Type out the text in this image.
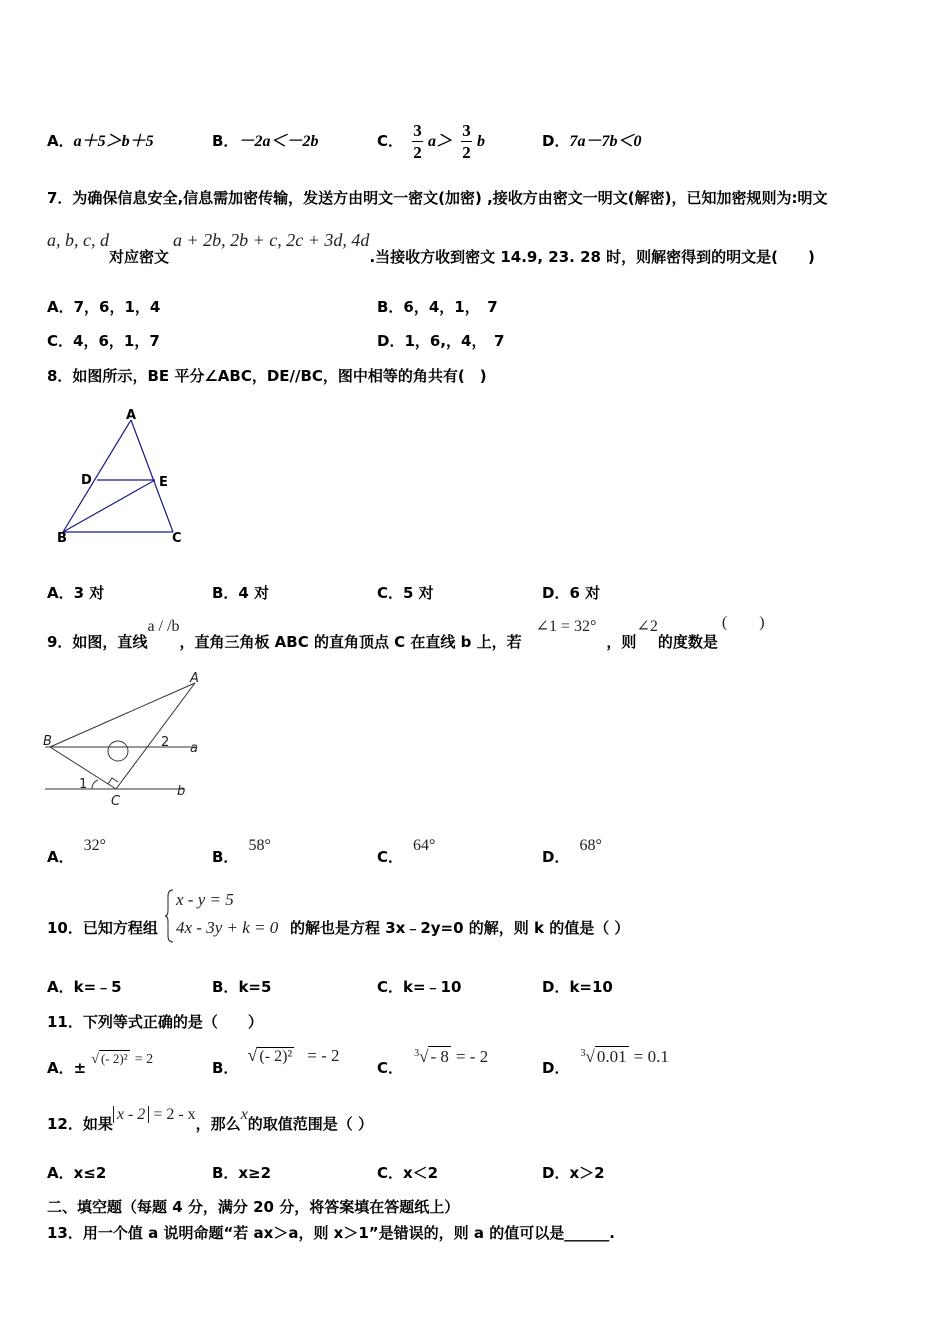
A．a＋5＞b＋5	B．－2a＜－2b	C． $\frac{3}{2} a> \frac{3}{2}$ b	D．7a－7b＜0
7．为确保信息安全,信息需加密传输，发送方由明文一密文(加密) ,接收方由密文一明文(解密)，已知加密规则为:明文
a, b, c, d对应密文a + 2b, 2b + c, 2c + 3d, 4d.当接收方收到密文 14.9, 23. 28 时，则解密得到的明文是(　　)
A．7，6，1，4	B．6，4，1，　7
C．4，6，1，7	D．1，6,，4，　7
8．如图所示，BE 平分∠ABC，DE//BC，图中相等的角共有(　)
A
D	E
B	C
A．3 对	B．4 对	C．5 对	D．6 对
9．如图，直线a / /b，直角三角板 ABC 的直角顶点 C 在直线 b 上，若∠1 = 32°，则∠2的度数是(　　)
A
B
C
a
b
1
2
A．32°
B．58°
C．64°
D．68°
10．已知方程组
x - y = 5
4x - 3y + k = 0 的解也是方程 3x﹣2y=0 的解，则 k 的值是（ ）
A．k=﹣5	B．k=5	C．k=﹣10	D．k=10
11．下列等式正确的是（　　）
A．± √ (- 2)² = 2	B． √ (- 2)² = - 2
C． $^3$√ - 8 = - 2
D． $^3$√ 0.01 = 0.1
12．如果x - 2 = 2 - x，那么x的取值范围是（ ）
A．x≤2	B．x≥2	C．x＜2	D．x＞2
二、填空题（每题 4 分，满分 20 分，将答案填在答题纸上）
13．用一个值 a 说明命题“若 ax＞a，则 x＞1”是错误的，则 a 的值可以是______.
